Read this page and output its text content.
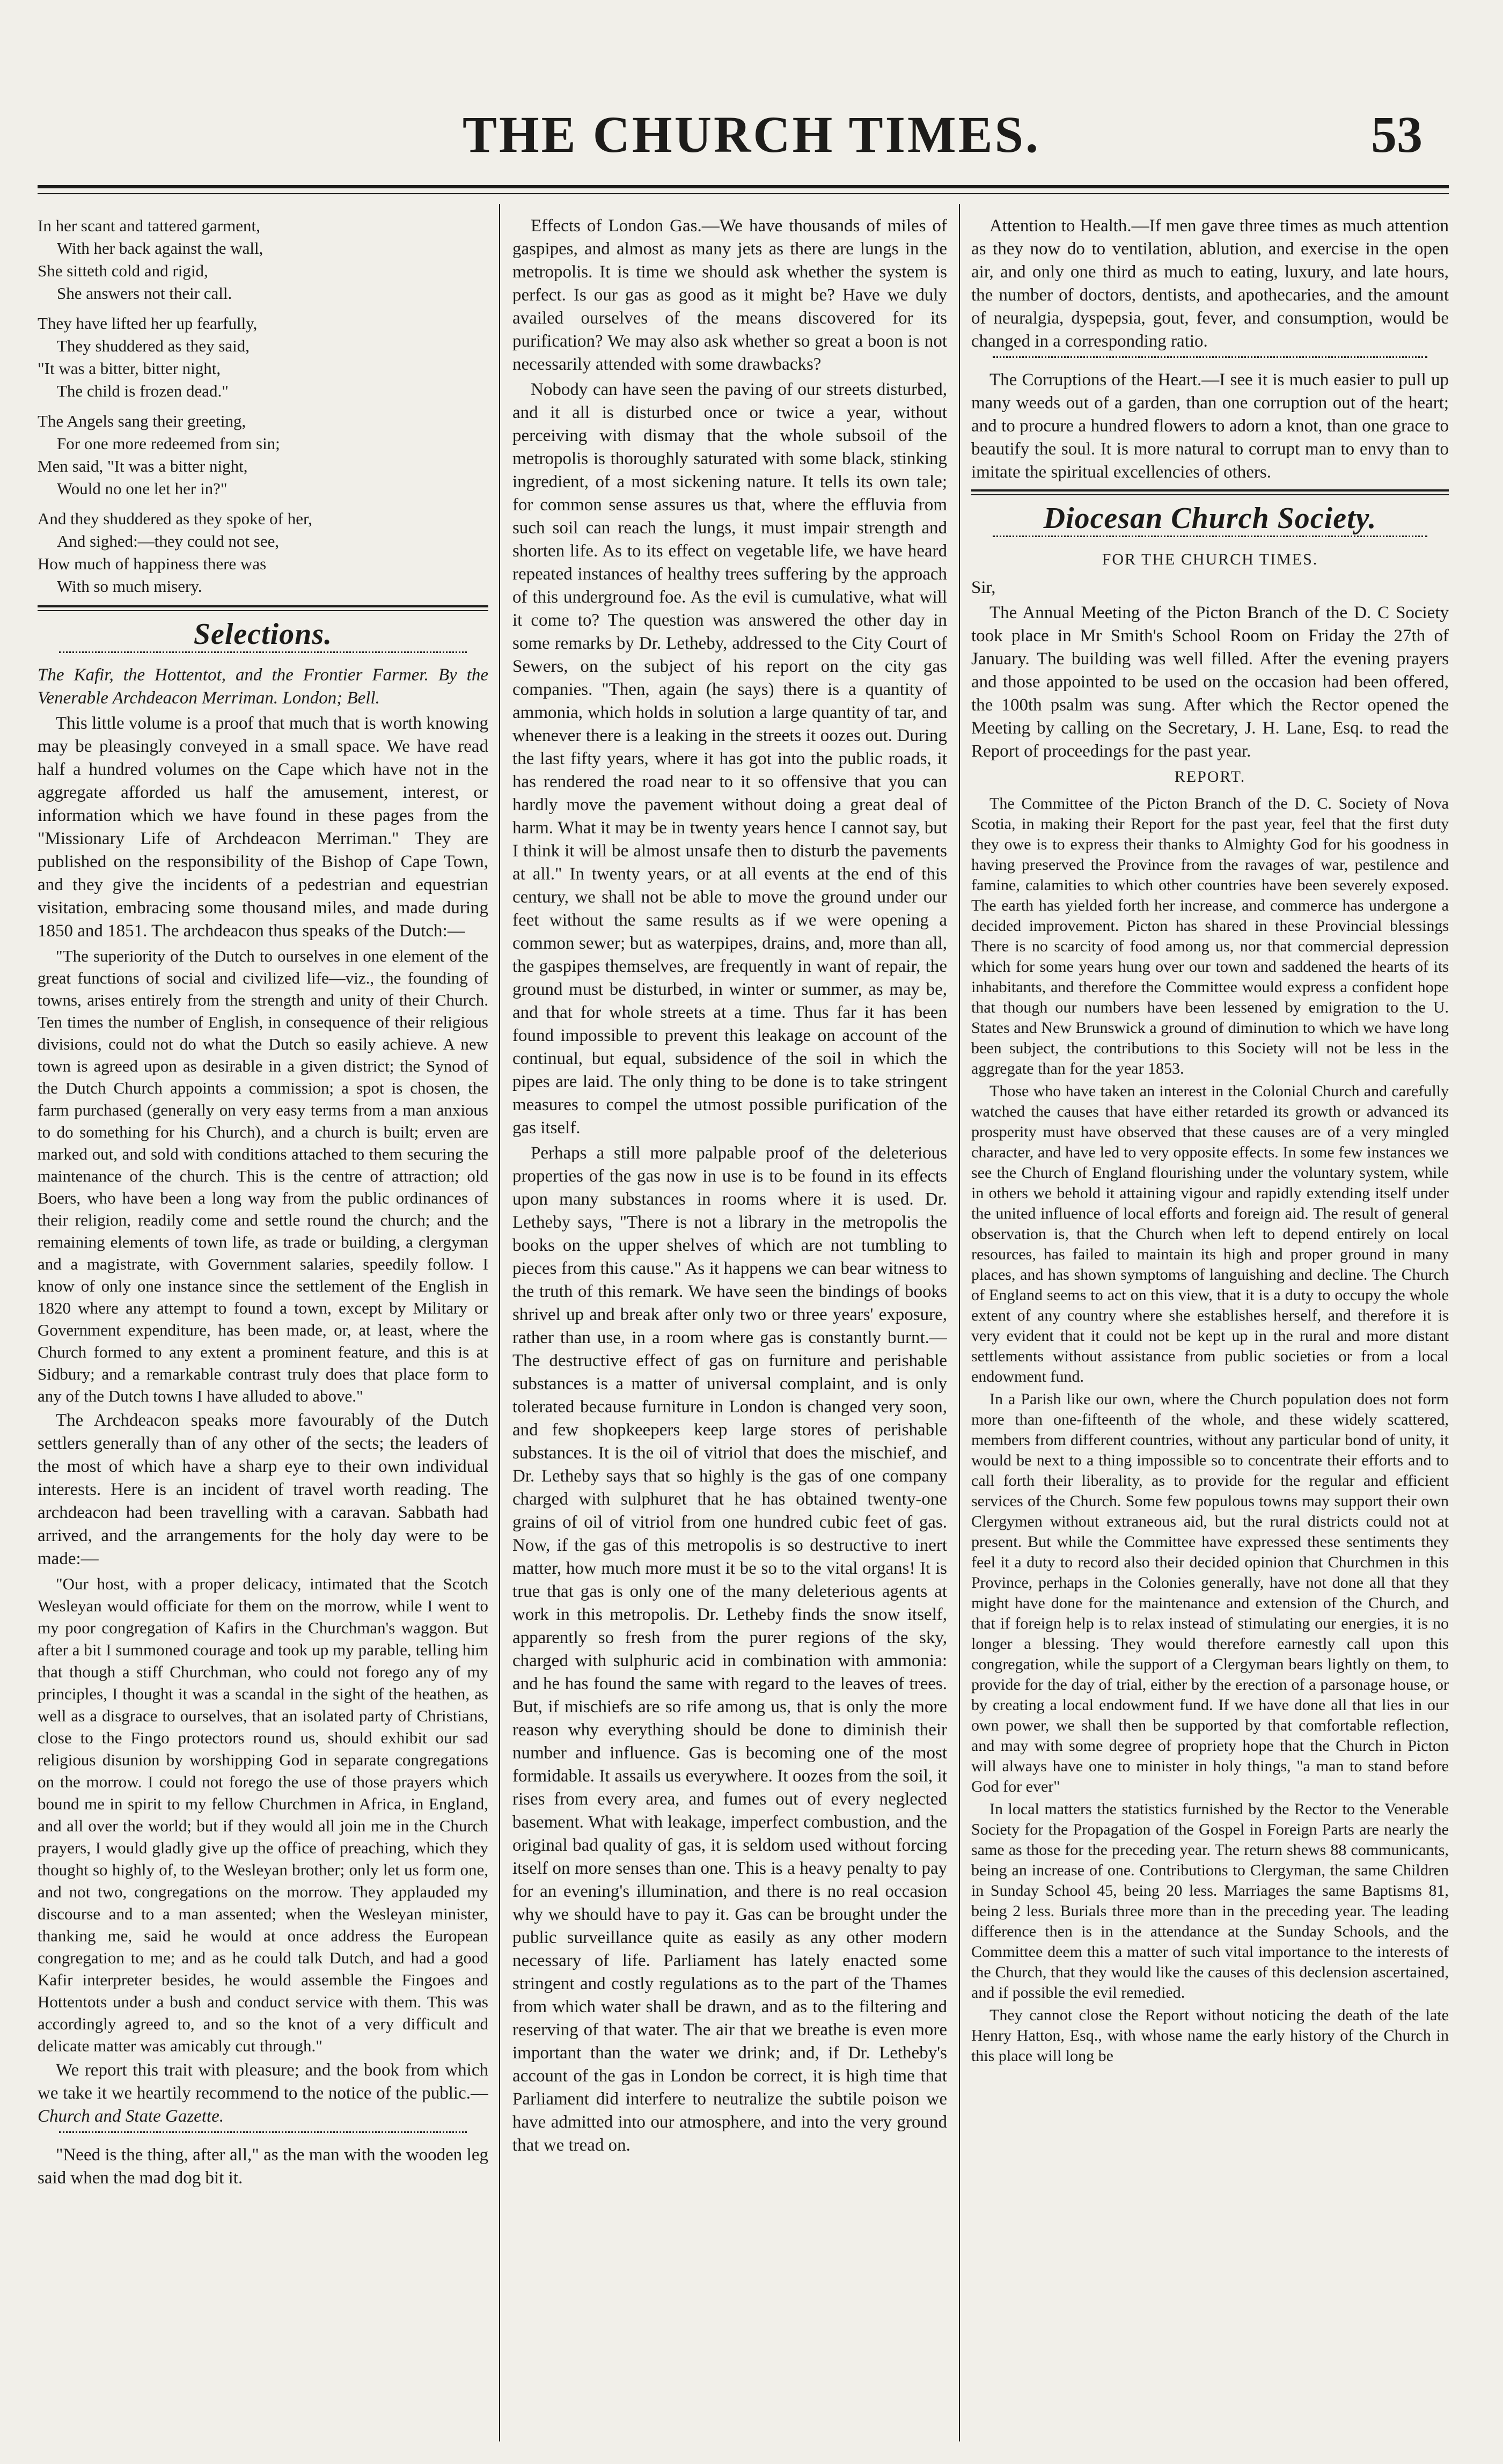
THE CHURCH TIMES.	53
In her scant and tattered garment,
With her back against the wall,
She sitteth cold and rigid,
She answers not their call.
They have lifted her up fearfully,
They shuddered as they said,
"It was a bitter, bitter night,
The child is frozen dead."
The Angels sang their greeting,
For one more redeemed from sin;
Men said, "It was a bitter night,
Would no one let her in?"
And they shuddered as they spoke of her,
And sighed:—they could not see,
How much of happiness there was
With so much misery.
Selections.

The Kafir, the Hottentot, and the Frontier Farmer. By the Venerable Archdeacon Merriman. London; Bell.

This little volume is a proof that much that is worth knowing may be pleasingly conveyed in a small space. We have read half a hundred volumes on the Cape which have not in the aggregate afforded us half the amusement, interest, or information which we have found in these pages from the "Missionary Life of Archdeacon Merriman." They are published on the responsibility of the Bishop of Cape Town, and they give the incidents of a pedestrian and equestrian visitation, embracing some thousand miles, and made during 1850 and 1851. The archdeacon thus speaks of the Dutch:—

"The superiority of the Dutch to ourselves in one element of the great functions of social and civilized life—viz., the founding of towns, arises entirely from the strength and unity of their Church. Ten times the number of English, in consequence of their religious divisions, could not do what the Dutch so easily achieve. A new town is agreed upon as desirable in a given district; the Synod of the Dutch Church appoints a commission; a spot is chosen, the farm purchased (generally on very easy terms from a man anxious to do something for his Church), and a church is built; erven are marked out, and sold with conditions attached to them securing the maintenance of the church. This is the centre of attraction; old Boers, who have been a long way from the public ordinances of their religion, readily come and settle round the church; and the remaining elements of town life, as trade or building, a clergyman and a magistrate, with Government salaries, speedily follow. I know of only one instance since the settlement of the English in 1820 where any attempt to found a town, except by Military or Government expenditure, has been made, or, at least, where the Church formed to any extent a prominent feature, and this is at Sidbury; and a remarkable contrast truly does that place form to any of the Dutch towns I have alluded to above."

The Archdeacon speaks more favourably of the Dutch settlers generally than of any other of the sects; the leaders of the most of which have a sharp eye to their own individual interests. Here is an incident of travel worth reading. The archdeacon had been travelling with a caravan. Sabbath had arrived, and the arrangements for the holy day were to be made:—

"Our host, with a proper delicacy, intimated that the Scotch Wesleyan would officiate for them on the morrow, while I went to my poor congregation of Kafirs in the Churchman's waggon. But after a bit I summoned courage and took up my parable, telling him that though a stiff Churchman, who could not forego any of my principles, I thought it was a scandal in the sight of the heathen, as well as a disgrace to ourselves, that an isolated party of Christians, close to the Fingo protectors round us, should exhibit our sad religious disunion by worshipping God in separate congregations on the morrow. I could not forego the use of those prayers which bound me in spirit to my fellow Churchmen in Africa, in England, and all over the world; but if they would all join me in the Church prayers, I would gladly give up the office of preaching, which they thought so highly of, to the Wesleyan brother; only let us form one, and not two, congregations on the morrow. They applauded my discourse and to a man assented; when the Wesleyan minister, thanking me, said he would at once address the European congregation to me; and as he could talk Dutch, and had a good Kafir interpreter besides, he would assemble the Fingoes and Hottentots under a bush and conduct service with them. This was accordingly agreed to, and so the knot of a very difficult and delicate matter was amicably cut through."

We report this trait with pleasure; and the book from which we take it we heartily recommend to the notice of the public.—Church and State Gazette.

"Need is the thing, after all," as the man with the wooden leg said when the mad dog bit it.

Effects of London Gas.—We have thousands of miles of gaspipes, and almost as many jets as there are lungs in the metropolis. It is time we should ask whether the system is perfect. Is our gas as good as it might be? Have we duly availed ourselves of the means discovered for its purification? We may also ask whether so great a boon is not necessarily attended with some drawbacks?

Nobody can have seen the paving of our streets disturbed, and it all is disturbed once or twice a year, without perceiving with dismay that the whole subsoil of the metropolis is thoroughly saturated with some black, stinking ingredient, of a most sickening nature. It tells its own tale; for common sense assures us that, where the effluvia from such soil can reach the lungs, it must impair strength and shorten life. As to its effect on vegetable life, we have heard repeated instances of healthy trees suffering by the approach of this underground foe. As the evil is cumulative, what will it come to? The question was answered the other day in some remarks by Dr. Letheby, addressed to the City Court of Sewers, on the subject of his report on the city gas companies. "Then, again (he says) there is a quantity of ammonia, which holds in solution a large quantity of tar, and whenever there is a leaking in the streets it oozes out. During the last fifty years, where it has got into the public roads, it has rendered the road near to it so offensive that you can hardly move the pavement without doing a great deal of harm. What it may be in twenty years hence I cannot say, but I think it will be almost unsafe then to disturb the pavements at all." In twenty years, or at all events at the end of this century, we shall not be able to move the ground under our feet without the same results as if we were opening a common sewer; but as waterpipes, drains, and, more than all, the gaspipes themselves, are frequently in want of repair, the ground must be disturbed, in winter or summer, as may be, and that for whole streets at a time. Thus far it has been found impossible to prevent this leakage on account of the continual, but equal, subsidence of the soil in which the pipes are laid. The only thing to be done is to take stringent measures to compel the utmost possible purification of the gas itself.

Perhaps a still more palpable proof of the deleterious properties of the gas now in use is to be found in its effects upon many substances in rooms where it is used. Dr. Letheby says, "There is not a library in the metropolis the books on the upper shelves of which are not tumbling to pieces from this cause." As it happens we can bear witness to the truth of this remark. We have seen the bindings of books shrivel up and break after only two or three years' exposure, rather than use, in a room where gas is constantly burnt.— The destructive effect of gas on furniture and perishable substances is a matter of universal complaint, and is only tolerated because furniture in London is changed very soon, and few shopkeepers keep large stores of perishable substances. It is the oil of vitriol that does the mischief, and Dr. Letheby says that so highly is the gas of one company charged with sulphuret that he has obtained twenty-one grains of oil of vitriol from one hundred cubic feet of gas. Now, if the gas of this metropolis is so destructive to inert matter, how much more must it be so to the vital organs! It is true that gas is only one of the many deleterious agents at work in this metropolis. Dr. Letheby finds the snow itself, apparently so fresh from the purer regions of the sky, charged with sulphuric acid in combination with ammonia: and he has found the same with regard to the leaves of trees. But, if mischiefs are so rife among us, that is only the more reason why everything should be done to diminish their number and influence. Gas is becoming one of the most formidable. It assails us everywhere. It oozes from the soil, it rises from every area, and fumes out of every neglected basement. What with leakage, imperfect combustion, and the original bad quality of gas, it is seldom used without forcing itself on more senses than one. This is a heavy penalty to pay for an evening's illumination, and there is no real occasion why we should have to pay it. Gas can be brought under the public surveillance quite as easily as any other modern necessary of life. Parliament has lately enacted some stringent and costly regulations as to the part of the Thames from which water shall be drawn, and as to the filtering and reserving of that water. The air that we breathe is even more important than the water we drink; and, if Dr. Letheby's account of the gas in London be correct, it is high time that Parliament did interfere to neutralize the subtile poison we have admitted into our atmosphere, and into the very ground that we tread on.

Attention to Health.—If men gave three times as much attention as they now do to ventilation, ablution, and exercise in the open air, and only one third as much to eating, luxury, and late hours, the number of doctors, dentists, and apothecaries, and the amount of neuralgia, dyspepsia, gout, fever, and consumption, would be changed in a corresponding ratio.

The Corruptions of the Heart.—I see it is much easier to pull up many weeds out of a garden, than one corruption out of the heart; and to procure a hundred flowers to adorn a knot, than one grace to beautify the soul. It is more natural to corrupt man to envy than to imitate the spiritual excellencies of others.

Diocesan Church Society.
FOR THE CHURCH TIMES.

Sir,

The Annual Meeting of the Picton Branch of the D. C Society took place in Mr Smith's School Room on Friday the 27th of January. The building was well filled. After the evening prayers and those appointed to be used on the occasion had been offered, the 100th psalm was sung. After which the Rector opened the Meeting by calling on the Secretary, J. H. Lane, Esq. to read the Report of proceedings for the past year.

REPORT.

The Committee of the Picton Branch of the D. C. Society of Nova Scotia, in making their Report for the past year, feel that the first duty they owe is to express their thanks to Almighty God for his goodness in having preserved the Province from the ravages of war, pestilence and famine, calamities to which other countries have been severely exposed. The earth has yielded forth her increase, and commerce has undergone a decided improvement. Picton has shared in these Provincial blessings There is no scarcity of food among us, nor that commercial depression which for some years hung over our town and saddened the hearts of its inhabitants, and therefore the Committee would express a confident hope that though our numbers have been lessened by emigration to the U. States and New Brunswick a ground of diminution to which we have long been subject, the contributions to this Society will not be less in the aggregate than for the year 1853.

Those who have taken an interest in the Colonial Church and carefully watched the causes that have either retarded its growth or advanced its prosperity must have observed that these causes are of a very mingled character, and have led to very opposite effects. In some few instances we see the Church of England flourishing under the voluntary system, while in others we behold it attaining vigour and rapidly extending itself under the united influence of local efforts and foreign aid. The result of general observation is, that the Church when left to depend entirely on local resources, has failed to maintain its high and proper ground in many places, and has shown symptoms of languishing and decline. The Church of England seems to act on this view, that it is a duty to occupy the whole extent of any country where she establishes herself, and therefore it is very evident that it could not be kept up in the rural and more distant settlements without assistance from public societies or from a local endowment fund.

In a Parish like our own, where the Church population does not form more than one-fifteenth of the whole, and these widely scattered, members from different countries, without any particular bond of unity, it would be next to a thing impossible so to concentrate their efforts and to call forth their liberality, as to provide for the regular and efficient services of the Church. Some few populous towns may support their own Clergymen without extraneous aid, but the rural districts could not at present. But while the Committee have expressed these sentiments they feel it a duty to record also their decided opinion that Churchmen in this Province, perhaps in the Colonies generally, have not done all that they might have done for the maintenance and extension of the Church, and that if foreign help is to relax instead of stimulating our energies, it is no longer a blessing. They would therefore earnestly call upon this congregation, while the support of a Clergyman bears lightly on them, to provide for the day of trial, either by the erection of a parsonage house, or by creating a local endowment fund. If we have done all that lies in our own power, we shall then be supported by that comfortable reflection, and may with some degree of propriety hope that the Church in Picton will always have one to minister in holy things, "a man to stand before God for ever"

In local matters the statistics furnished by the Rector to the Venerable Society for the Propagation of the Gospel in Foreign Parts are nearly the same as those for the preceding year. The return shews 88 communicants, being an increase of one. Contributions to Clergyman, the same Children in Sunday School 45, being 20 less. Marriages the same Baptisms 81, being 2 less. Burials three more than in the preceding year. The leading difference then is in the attendance at the Sunday Schools, and the Committee deem this a matter of such vital importance to the interests of the Church, that they would like the causes of this declension ascertained, and if possible the evil remedied.

They cannot close the Report without noticing the death of the late Henry Hatton, Esq., with whose name the early history of the Church in this place will long be
